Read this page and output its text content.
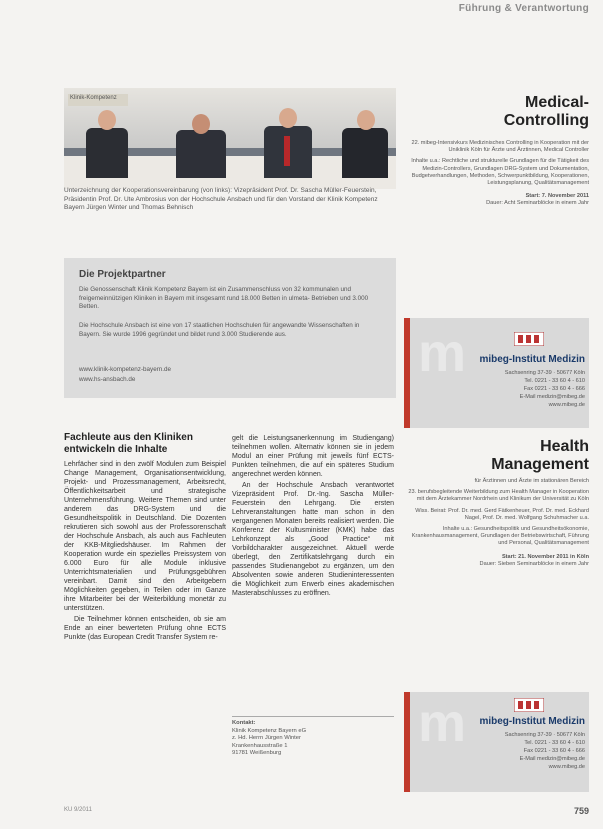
Führung & Verantwortung
Klinik-Kompetenz
Unterzeichnung der Kooperationsvereinbarung (von links): Vizepräsident Prof. Dr. Sascha Müller-Feuerstein, Präsidentin Prof. Dr. Ute Ambrosius von der Hochschule Ansbach und für den Vorstand der Klinik Kompetenz Bayern Jürgen Winter und Thomas Behnisch
Die Projektpartner
Die Genossenschaft Klinik Kompetenz Bayern ist ein Zusammenschluss von 32 kommunalen und freigemeinnützigen Kliniken in Bayern mit insgesamt rund 18.000 Betten in ulmeta- Betrieben und 3.000 Betten.
Die Hochschule Ansbach ist eine von 17 staatlichen Hochschulen für angewandte Wissenschaften in Bayern. Sie wurde 1996 gegründet und bildet rund 3.000 Studierende aus.
www.klinik-kompetenz-bayern.de
www.hs-ansbach.de
Medical-
Controlling
22. mibeg-Intensivkurs Medizinisches Controlling in Kooperation mit der Uniklinik Köln für Ärzte und Ärztinnen, Medical Controller
Inhalte u.a.: Rechtliche und strukturelle Grundlagen für die Tätigkeit des Medizin-Controllers, Grundlagen DRG-System und Dokumentation, Budgetverhandlungen, Methoden, Schwerpunktbildung, Kooperationen, Leistungsplanung, Qualitätsmanagement
Start: 7. November 2011
Dauer: Acht Seminarblöcke in einem Jahr
m mibeg-Institut Medizin
Sachsenring 37-39 · 50677 Köln
Tel. 0221 - 33 60 4 - 610
Fax 0221 - 33 60 4 - 666
E-Mail medizin@mibeg.de
www.mibeg.de
Health
Management
für Ärztinnen und Ärzte im stationären Bereich
23. berufsbegleitende Weiterbildung zum Health Manager in Kooperation mit dem Ärztekammer Nordrhein und Klinikum der Universität zu Köln
Wiss. Beirat: Prof. Dr. med. Gerd Fätkenheuer, Prof. Dr. med. Eckhard Nagel, Prof. Dr. med. Wolfgang Schuhmacher u.a.
Inhalte u.a.: Gesundheitspolitik und Gesundheitsökonomie, Krankenhausmanagement, Grundlagen der Betriebswirtschaft, Führung und Personal, Qualitätsmanagement
Start: 21. November 2011 in Köln
Dauer: Sieben Seminarblöcke in einem Jahr
m mibeg-Institut Medizin
Sachsenring 37-39 · 50677 Köln
Tel. 0221 - 33 60 4 - 610
Fax 0221 - 33 60 4 - 666
E-Mail medizin@mibeg.de
www.mibeg.de
Fachleute aus den Kliniken
entwickeln die Inhalte
Lehrfächer sind in den zwölf Modulen zum Beispiel Change Management, Organisationsentwicklung, Projekt- und Prozessmanagement, Arbeitsrecht, Öffentlichkeitsarbeit und strategische Unternehmensführung. Weitere Themen sind unter anderem das DRG-System und die Gesundheitspolitik in Deutschland. Die Dozenten rekrutieren sich sowohl aus der Professorenschaft der Hochschule Ansbach, als auch aus Fachleuten der KKB-Mitgliedshäuser. Im Rahmen der Kooperation wurde ein spezielles Preissystem von 6.000 Euro für alle Module inklusive Unterrichtsmaterialien und Prüfungsgebühren vereinbart. Damit sind den Arbeitgebern Möglichkeiten gegeben, in Teilen oder im Ganze ihre Mitarbeiter bei der Weiterbildung monetär zu unterstützen.
Die Teilnehmer können entscheiden, ob sie am Ende an einer bewerteten Prüfung ohne ECTS Punkte (das European Credit Transfer System re-
gelt die Leistungsanerkennung im Studiengang) teilnehmen wollen. Alternativ können sie in jedem Modul an einer Prüfung mit jeweils fünf ECTS-Punkten teilnehmen, die auf ein späteres Studium angerechnet werden können.
An der Hochschule Ansbach verantwortet Vizepräsident Prof. Dr.-Ing. Sascha Müller-Feuerstein den Lehrgang. Die ersten Lehrveranstaltungen hatte man schon in den vergangenen Monaten bereits realisiert werden. Die Konferenz der Kultusminister (KMK) habe das Lehrkonzept als „Good Practice“ mit Vorbildcharakter ausgezeichnet. Aktuell werde überlegt, den Zertifikatslehrgang durch ein passendes Studienangebot zu ergänzen, um den Absolventen sowie anderen Studieninteressenten die Möglichkeit zum Erwerb eines akademischen Masterabschlusses zu eröffnen.
Kontakt:
Klinik Kompetenz Bayern eG
z. Hd. Herrn Jürgen Winter
Krankenhausstraße 1
91781 Weißenburg
KU 9/2011	759
